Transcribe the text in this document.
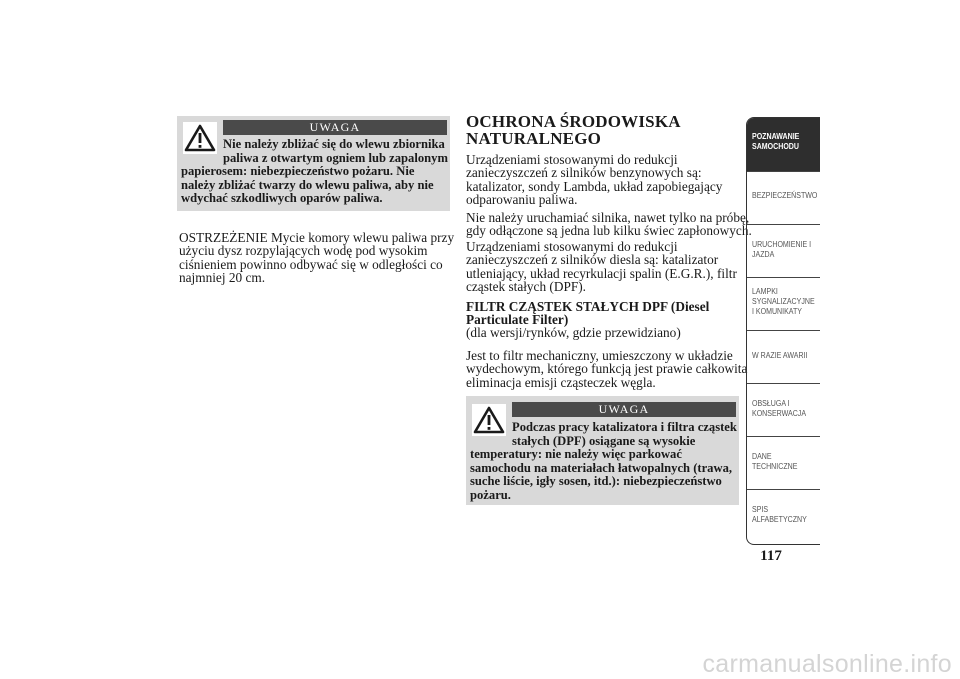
UWAGA
Nie należy zbliżać się do wlewu zbiornika
paliwa z otwartym ogniem lub zapalonym
papierosem: niebezpieczeństwo pożaru. Nie
należy zbliżać twarzy do wlewu paliwa, aby nie
wdychać szkodliwych oparów paliwa.
OSTRZEŻENIE Mycie komory wlewu paliwa przy
użyciu dysz rozpylających wodę pod wysokim
ciśnieniem powinno odbywać się w odległości co
najmniej 20 cm.
OCHRONA ŚRODOWISKA
NATURALNEGO
Urządzeniami stosowanymi do redukcji
zanieczyszczeń z silników benzynowych są:
katalizator, sondy Lambda, układ zapobiegający
odparowaniu paliwa.
Nie należy uruchamiać silnika, nawet tylko na próbę,
gdy odłączone są jedna lub kilku świec zapłonowych.
Urządzeniami stosowanymi do redukcji
zanieczyszczeń z silników diesla są: katalizator
utleniający, układ recyrkulacji spalin (E.G.R.), filtr
cząstek stałych (DPF).
FILTR CZĄSTEK STAŁYCH DPF (Diesel
Particulate Filter)
(dla wersji/rynków, gdzie przewidziano)
Jest to filtr mechaniczny, umieszczony w układzie
wydechowym, którego funkcją jest prawie całkowita
eliminacja emisji cząsteczek węgla.
UWAGA
Podczas pracy katalizatora i filtra cząstek
stałych (DPF) osiągane są wysokie
temperatury: nie należy więc parkować
samochodu na materiałach łatwopalnych (trawa,
suche liście, igły sosen, itd.): niebezpieczeństwo
pożaru.
POZNAWANIE
SAMOCHODU
BEZPIECZEŃSTWO
URUCHOMIENIE I
JAZDA
LAMPKI
SYGNALIZACYJNE
I KOMUNIKATY
W RAZIE AWARII
OBSŁUGA I
KONSERWACJA
DANE
TECHNICZNE
SPIS
ALFABETYCZNY
117
carmanualsonline.info
